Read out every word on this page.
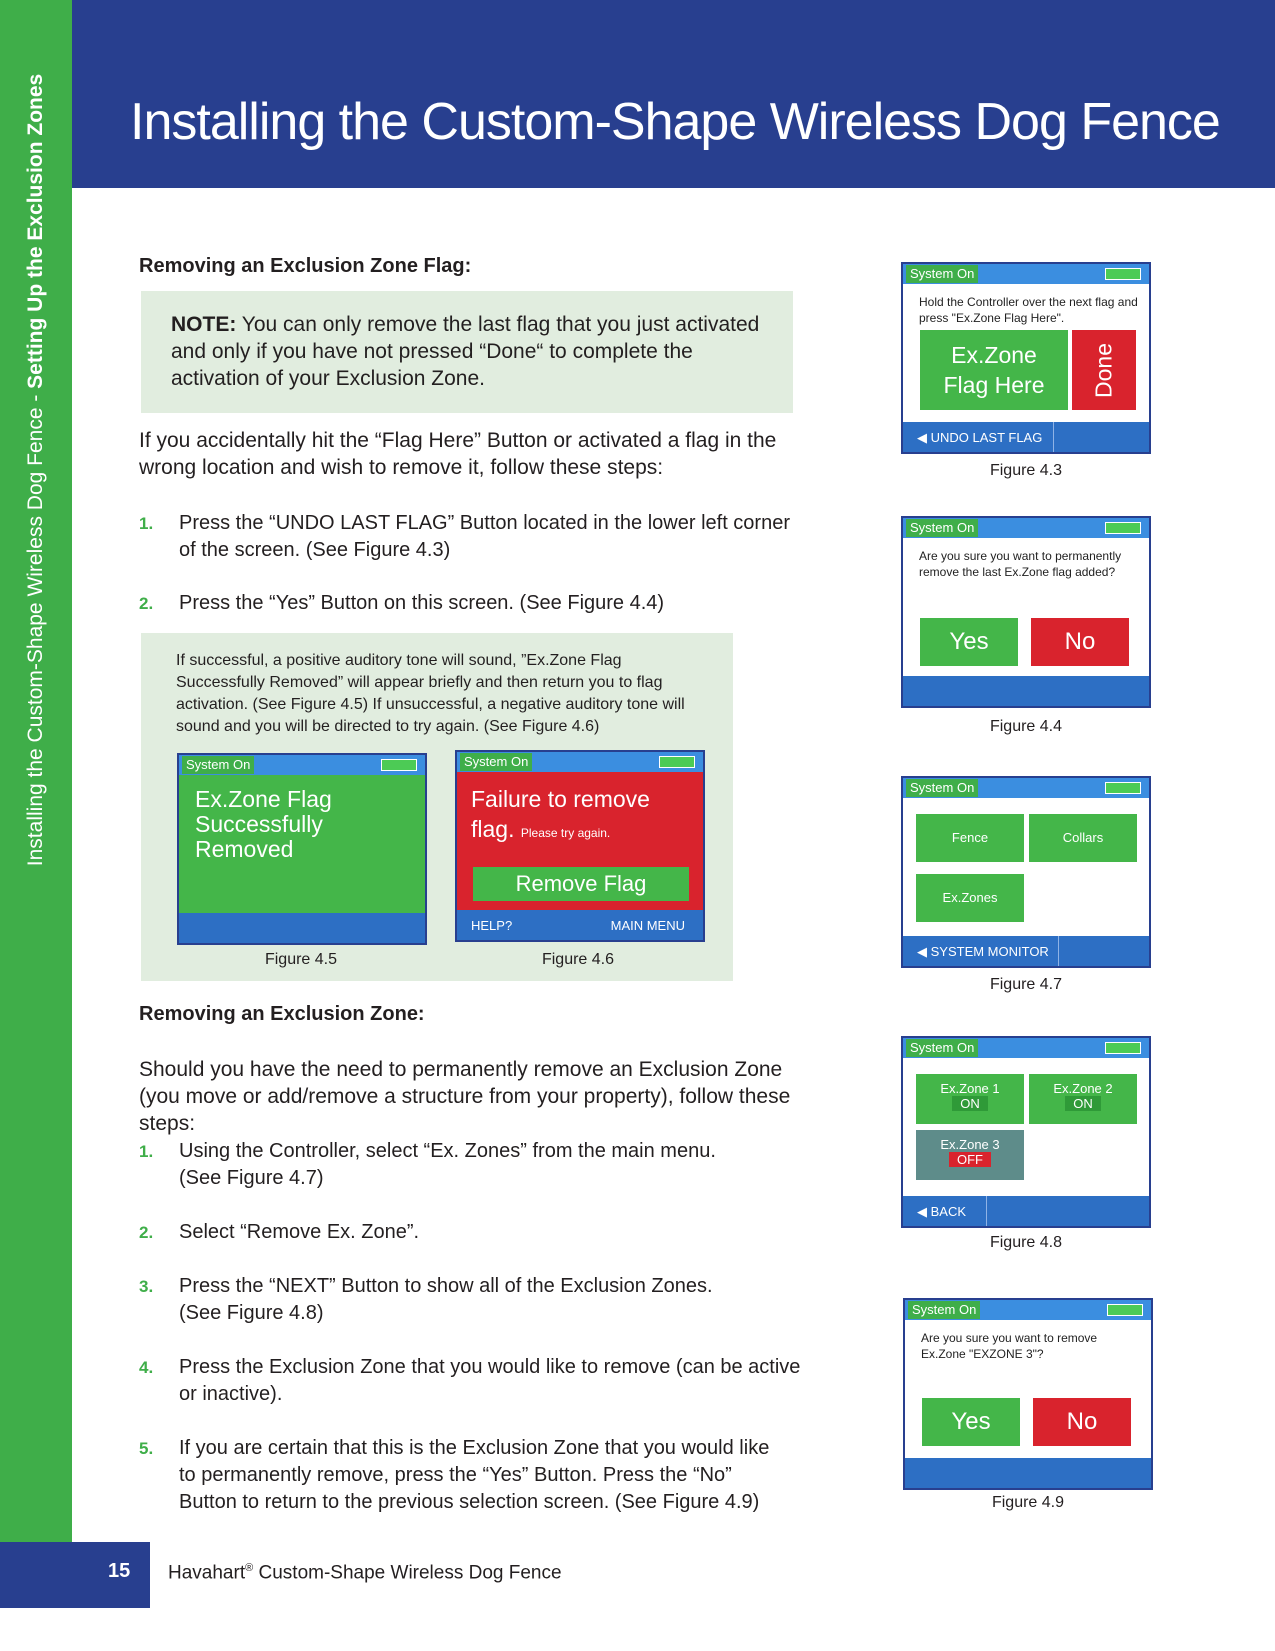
Installing the Custom-Shape Wireless Dog Fence - Setting Up the Exclusion Zones Installing the Custom-Shape Wireless Dog Fence
Removing an Exclusion Zone Flag:

NOTE: You can only remove the last flag that you just activated and only if you have not pressed “Done“ to complete the activation of your Exclusion Zone.

If you accidentally hit the “Flag Here” Button or activated a flag in the wrong location and wish to remove it, follow these steps:

1. Press the “UNDO LAST FLAG” Button located in the lower left corner of the screen. (See Figure 4.3)
2. Press the “Yes” Button on this screen. (See Figure 4.4)

If successful, a positive auditory tone will sound, ”Ex.Zone Flag Successfully Removed” will appear briefly and then return you to flag activation. (See Figure 4.5) If unsuccessful, a negative auditory tone will sound and you will be directed to try again. (See Figure 4.6)

System On
Ex.Zone Flag
Successfully
Removed
Figure 4.5
System On
Failure to remove
flag. Please try again.
Remove Flag
HELP?	MAIN MENU
Figure 4.6
Removing an Exclusion Zone:

Should you have the need to permanently remove an Exclusion Zone (you move or add/remove a structure from your property), follow these steps:

1. Using the Controller, select “Ex. Zones” from the main menu. (See Figure 4.7)
2. Select “Remove Ex. Zone”.
3. Press the “NEXT” Button to show all of the Exclusion Zones. (See Figure 4.8)
4. Press the Exclusion Zone that you would like to remove (can be active or inactive).
5. If you are certain that this is the Exclusion Zone that you would like to permanently remove, press the “Yes” Button. Press the “No” Button to return to the previous selection screen. (See Figure 4.9)
System On
Hold the Controller over the next flag and press "Ex.Zone Flag Here".
Ex.Zone
Flag Here	Done
◀ UNDO LAST FLAG
Figure 4.3
System On
Are you sure you want to permanently remove the last Ex.Zone flag added?
Yes	No
Figure 4.4
System On
Fence	Collars
Ex.Zones
◀ SYSTEM MONITOR
Figure 4.7
System On
Ex.Zone 1
ON
Ex.Zone 2
ON
Ex.Zone 3
OFF
◀ BACK
Figure 4.8
System On
Are you sure you want to remove Ex.Zone "EXZONE 3"?
Yes	No
Figure 4.9
15 Havahart® Custom-Shape Wireless Dog Fence
